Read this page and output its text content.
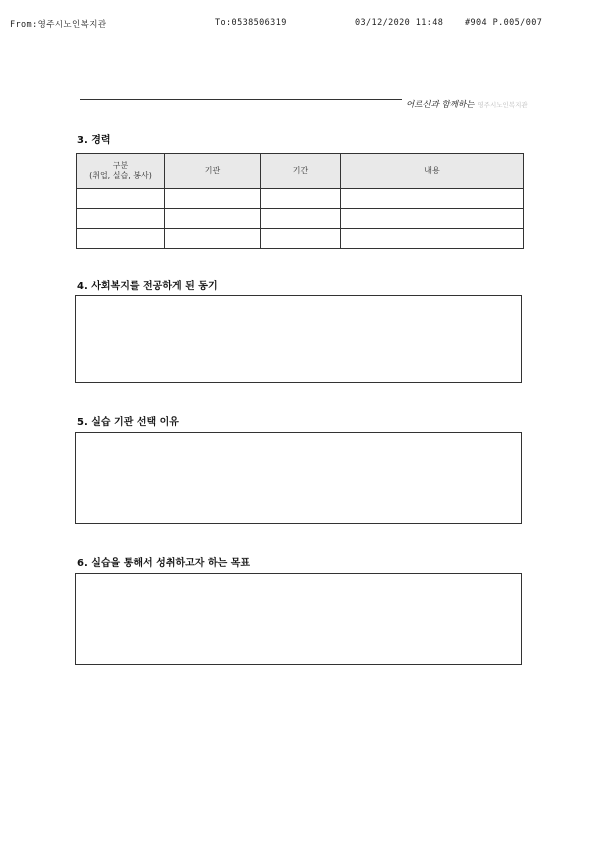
From:영주시노인복지관	To:0538506319	03/12/2020 11:48	#904 P.005/007
어르신과 함께하는 영주시노인복지관
3. 경력
구분
(취업, 실습, 봉사)	기관	기간	내용

4. 사회복지를 전공하게 된 동기
5. 실습 기관 선택 이유
6. 실습을 통해서 성취하고자 하는 목표
